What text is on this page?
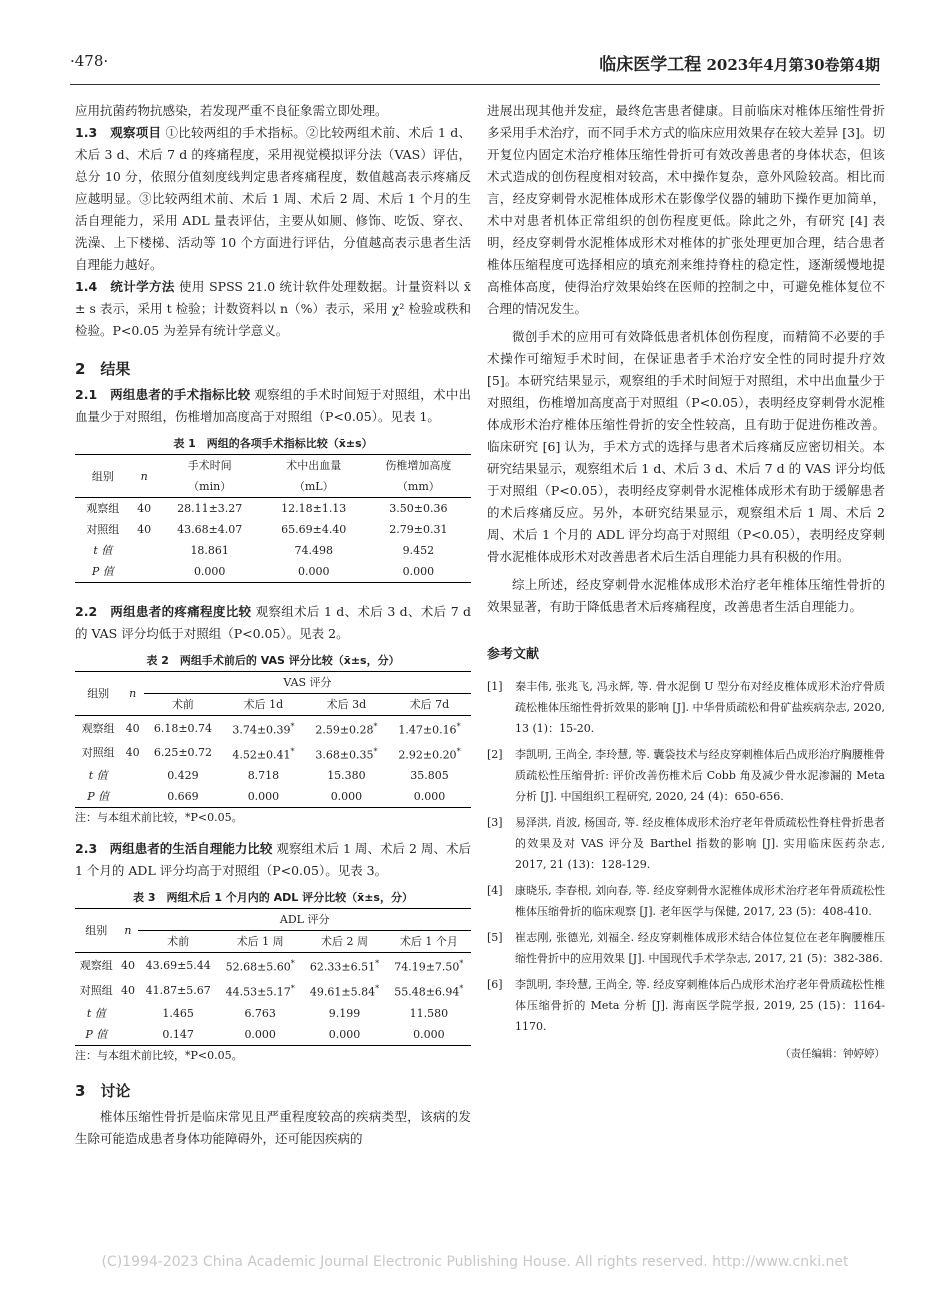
·478·	临床医学工程 2023年4月第30卷第4期

应用抗菌药物抗感染，若发现严重不良征象需立即处理。

1.3　观察项目 ①比较两组的手术指标。②比较两组术前、术后 1 d、术后 3 d、术后 7 d 的疼痛程度，采用视觉模拟评分法（VAS）评估，总分 10 分，依照分值刻度线判定患者疼痛程度，数值越高表示疼痛反应越明显。③比较两组术前、术后 1 周、术后 2 周、术后 1 个月的生活自理能力，采用 ADL 量表评估，主要从如厕、修饰、吃饭、穿衣、洗澡、上下楼梯、活动等 10 个方面进行评估，分值越高表示患者生活自理能力越好。

1.4　统计学方法 使用 SPSS 21.0 统计软件处理数据。计量资料以 x̄ ± s 表示，采用 t 检验；计数资料以 n（%）表示，采用 χ² 检验或秩和检验。P<0.05 为差异有统计学意义。

2　结果

2.1　两组患者的手术指标比较 观察组的手术时间短于对照组，术中出血量少于对照组，伤椎增加高度高于对照组（P<0.05）。见表 1。

表 1　两组的各项手术指标比较（x̄±s）
组别	n	手术时间	术中出血量	伤椎增加高度
		（min）	（mL）	（mm）
观察组	40	28.11±3.27	12.18±1.13	3.50±0.36
对照组	40	43.68±4.07	65.69±4.40	2.79±0.31
t 值		18.861	74.498	9.452
P 值		0.000	0.000	0.000

2.2　两组患者的疼痛程度比较 观察组术后 1 d、术后 3 d、术后 7 d 的 VAS 评分均低于对照组（P<0.05）。见表 2。

表 2　两组手术前后的 VAS 评分比较（x̄±s，分）
组别	n	VAS 评分			
		术前	术后 1d	术后 3d	术后 7d
观察组	40	6.18±0.74	3.74±0.39*	2.59±0.28*	1.47±0.16*
对照组	40	6.25±0.72	4.52±0.41*	3.68±0.35*	2.92±0.20*
t 值		0.429	8.718	15.380	35.805
P 值		0.669	0.000	0.000	0.000
注：与本组术前比较，*P<0.05。

2.3　两组患者的生活自理能力比较 观察组术后 1 周、术后 2 周、术后 1 个月的 ADL 评分均高于对照组（P<0.05）。见表 3。

表 3　两组术后 1 个月内的 ADL 评分比较（x̄±s，分）
组别	n	ADL 评分			
		术前	术后 1 周	术后 2 周	术后 1 个月
观察组	40	43.69±5.44	52.68±5.60*	62.33±6.51*	74.19±7.50*
对照组	40	41.87±5.67	44.53±5.17*	49.61±5.84*	55.48±6.94*
t 值		1.465	6.763	9.199	11.580
P 值		0.147	0.000	0.000	0.000
注：与本组术前比较，*P<0.05。
3　讨论

椎体压缩性骨折是临床常见且严重程度较高的疾病类型，该病的发生除可能造成患者身体功能障碍外，还可能因疾病的

进展出现其他并发症，最终危害患者健康。目前临床对椎体压缩性骨折多采用手术治疗，而不同手术方式的临床应用效果存在较大差异 [3]。切开复位内固定术治疗椎体压缩性骨折可有效改善患者的身体状态，但该术式造成的创伤程度相对较高，术中操作复杂，意外风险较高。相比而言，经皮穿刺骨水泥椎体成形术在影像学仪器的辅助下操作更加简单，术中对患者机体正常组织的创伤程度更低。除此之外，有研究 [4] 表明，经皮穿刺骨水泥椎体成形术对椎体的扩张处理更加合理，结合患者椎体压缩程度可选择相应的填充剂来维持脊柱的稳定性，逐渐缓慢地提高椎体高度，使得治疗效果始终在医师的控制之中，可避免椎体复位不合理的情况发生。

微创手术的应用可有效降低患者机体创伤程度，而精简不必要的手术操作可缩短手术时间，在保证患者手术治疗安全性的同时提升疗效 [5]。本研究结果显示，观察组的手术时间短于对照组，术中出血量少于对照组，伤椎增加高度高于对照组（P<0.05），表明经皮穿刺骨水泥椎体成形术治疗椎体压缩性骨折的安全性较高，且有助于促进伤椎改善。临床研究 [6] 认为，手术方式的选择与患者术后疼痛反应密切相关。本研究结果显示，观察组术后 1 d、术后 3 d、术后 7 d 的 VAS 评分均低于对照组（P<0.05），表明经皮穿刺骨水泥椎体成形术有助于缓解患者的术后疼痛反应。另外，本研究结果显示，观察组术后 1 周、术后 2 周、术后 1 个月的 ADL 评分均高于对照组（P<0.05），表明经皮穿刺骨水泥椎体成形术对改善患者术后生活自理能力具有积极的作用。

综上所述，经皮穿刺骨水泥椎体成形术治疗老年椎体压缩性骨折的效果显著，有助于降低患者术后疼痛程度，改善患者生活自理能力。

参考文献
[1]	秦丰伟, 张兆飞, 冯永辉, 等. 骨水泥倒 U 型分布对经皮椎体成形术治疗骨质疏松椎体压缩性骨折效果的影响 [J]. 中华骨质疏松和骨矿盐疾病杂志, 2020, 13 (1)：15-20.
[2]	李凯明, 王尚全, 李玲慧, 等. 囊袋技术与经皮穿刺椎体后凸成形治疗胸腰椎骨质疏松性压缩骨折: 评价改善伤椎术后 Cobb 角及减少骨水泥渗漏的 Meta 分析 [J]. 中国组织工程研究, 2020, 24 (4)：650-656.
[3]	易泽洪, 肖波, 杨国奇, 等. 经皮椎体成形术治疗老年骨质疏松性脊柱骨折患者的效果及对 VAS 评分及 Barthel 指数的影响 [J]. 实用临床医药杂志, 2017, 21 (13)：128-129.
[4]	康晓乐, 李春根, 刘向春, 等. 经皮穿刺骨水泥椎体成形术治疗老年骨质疏松性椎体压缩骨折的临床观察 [J]. 老年医学与保健, 2017, 23 (5)：408-410.
[5]	崔志刚, 张德光, 刘福全. 经皮穿刺椎体成形术结合体位复位在老年胸腰椎压缩性骨折中的应用效果 [J]. 中国现代手术学杂志, 2017, 21 (5)：382-386.
[6]	李凯明, 李玲慧, 王尚全, 等. 经皮穿刺椎体后凸成形术治疗老年骨质疏松性椎体压缩骨折的 Meta 分析 [J]. 海南医学院学报, 2019, 25 (15)：1164-1170.
（责任编辑：钟婷婷）
(C)1994-2023 China Academic Journal Electronic Publishing House. All rights reserved. http://www.cnki.net
